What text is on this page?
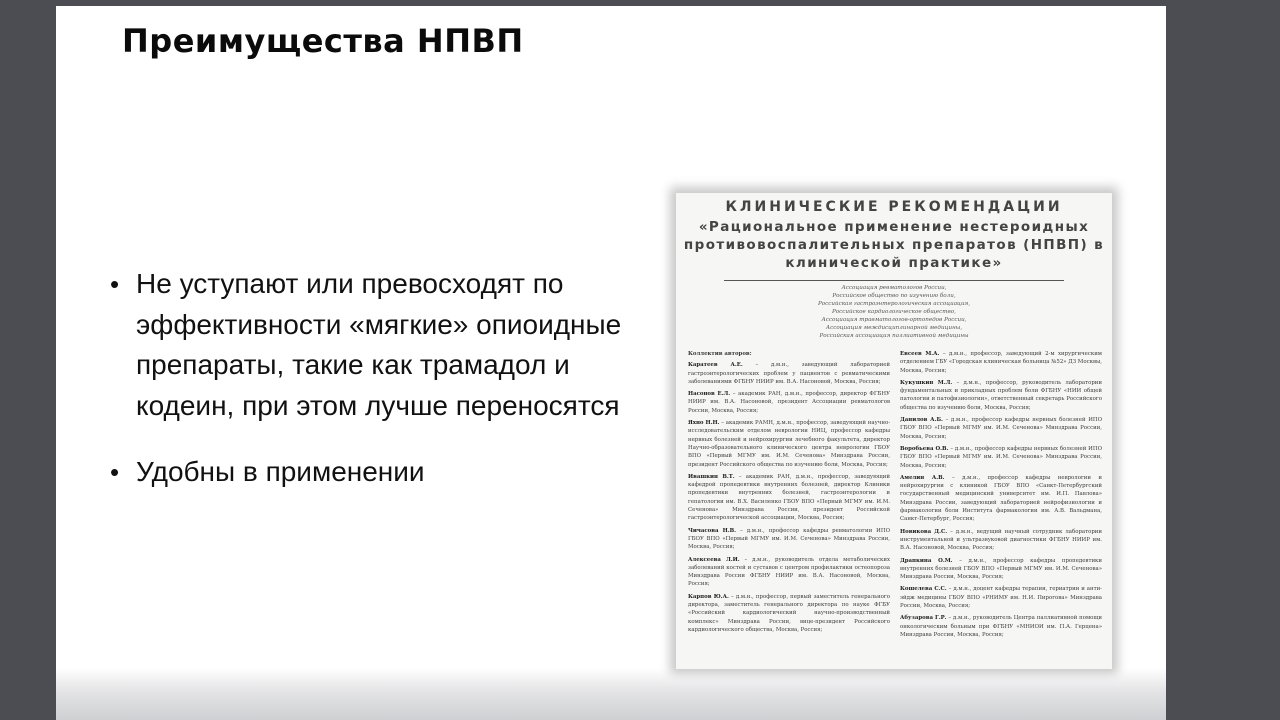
Преимущества НПВП
• Не уступают или превосходят по эффективности «мягкие» опиоидные препараты, такие как трамадол и кодеин, при этом лучше переносятся
• Удобны в применении
КЛИНИЧЕСКИЕ РЕКОМЕНДАЦИИ
«Рациональное применение нестероидных противовоспалительных препаратов (НПВП) в клинической практике»
Ассоциация ревматологов России,
Российское общество по изучению боли,
Российская гастроэнтерологическая ассоциация,
Российское кардиологическое общество,
Ассоциация травматологов-ортопедов России,
Ассоциация междисциплинарной медицины,
Российская ассоциация паллиативной медицины
Коллектив авторов:

Каратеев А.Е. – д.м.н., заведующий лабораторией гастроэнтерологических проблем у пациентов с ревматическими заболеваниями ФГБНУ НИИР им. В.А. Насоновой, Москва, Россия;

Насонов Е.Л. – академик РАН, д.м.н., профессор, директор ФГБНУ НИИР им. В.А. Насоновой, президент Ассоциации ревматологов России, Москва, Россия;

Яхно Н.Н. – академик РАМН, д.м.н., профессор, заведующий научно-исследовательским отделом неврологии НИЦ, профессор кафедры нервных болезней и нейрохирургии лечебного факультета, директор Научно-образовательного клинического центра неврологии ГБОУ ВПО «Первый МГМУ им. И.М. Сеченова» Минздрава России, президент Российского общества по изучению боли, Москва, Россия;

Ивашкин В.Т. – академик РАН, д.м.н., профессор, заведующий кафедрой пропедевтики внутренних болезней, директор Клиники пропедевтики внутренних болезней, гастроэнтерологии и гепатологии им. В.Х. Василенко ГБОУ ВПО «Первый МГМУ им. И.М. Сеченова» Минздрава России, президент Российской гастроэнтерологической ассоциации, Москва, Россия;

Чичасова Н.В. – д.м.н., профессор кафедры ревматологии ИПО ГБОУ ВПО «Первый МГМУ им. И.М. Сеченова» Минздрава России, Москва, Россия;

Алексеева Л.И. – д.м.н., руководитель отдела метаболических заболеваний костей и суставов с центром профилактики остеопороза Минздрава России ФГБНУ НИИР им. В.А. Насоновой, Москва, Россия;

Карпов Ю.А. – д.м.н., профессор, первый заместитель генерального директора, заместитель генерального директора по науке ФГБУ «Российский кардиологический научно-производственный комплекс» Минздрава России, вице-президент Российского кардиологического общества, Москва, Россия;

Евсеев М.А. – д.м.н., профессор, заведующий 2-м хирургическим отделением ГБУ «Городская клиническая больница №52» ДЗ Москвы, Москва, Россия;

Кукушкин М.Л. – д.м.н., профессор, руководитель лаборатории фундаментальных и прикладных проблем боли ФГБНУ «НИИ общей патологии и патофизиологии», ответственный секретарь Российского общества по изучению боли, Москва, Россия;

Данилов А.Б. – д.м.н., профессор кафедры нервных болезней ИПО ГБОУ ВПО «Первый МГМУ им. И.М. Сеченова» Минздрава России, Москва, Россия;

Воробьева О.В. – д.м.н., профессор кафедры нервных болезней ИПО ГБОУ ВПО «Первый МГМУ им. И.М. Сеченова» Минздрава России, Москва, Россия;

Амелин А.В. – д.м.н., профессор кафедры неврологии и нейрохирургии с клиникой ГБОУ ВПО «Санкт-Петербургский государственный медицинский университет им. И.П. Павлова» Минздрава России, заведующий лабораторией нейрофизиологии и фармакологии боли Института фармакологии им. А.В. Вальдмана, Санкт-Петербург, Россия;

Новикова Д.С. – д.м.н., ведущий научный сотрудник лаборатории инструментальной и ультразвуковой диагностики ФГБНУ НИИР им. В.А. Насоновой, Москва, Россия;

Драпкина О.М. – д.м.н., профессор кафедры пропедевтики внутренних болезней ГБОУ ВПО «Первый МГМУ им. И.М. Сеченова» Минздрава России, Москва, Россия;

Кошелева С.С. – д.м.н., доцент кафедры терапии, гериатрии и анти-эйдж медицины ГБОУ ВПО «РНИМУ им. Н.И. Пирогова» Минздрава России, Москва, Россия;

Абузарова Г.Р. – д.м.н., руководитель Центра паллиативной помощи онкологическим больным при ФГБНУ «МНИОИ им. П.А. Герцена» Минздрава России, Москва, Россия;
